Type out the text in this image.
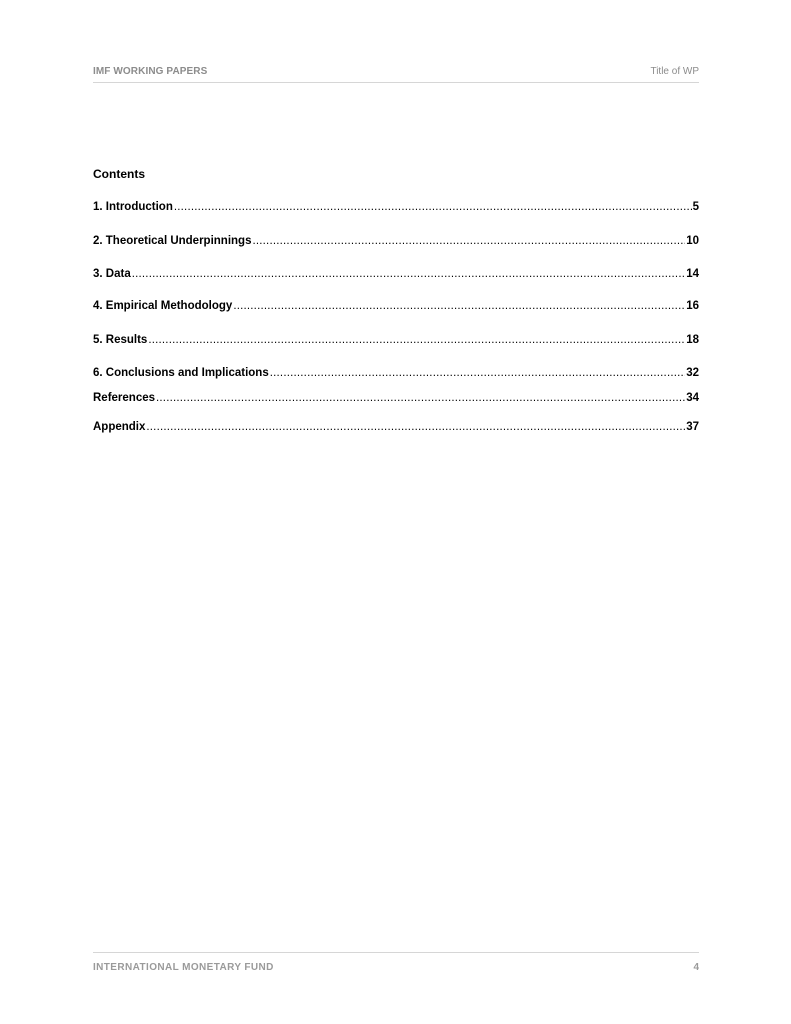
IMF WORKING PAPERS	Title of WP
Contents
1. Introduction .....	5
2. Theoretical Underpinnings .....	10
3. Data .....	14
4. Empirical Methodology .....	16
5. Results .....	18
6. Conclusions and Implications .....	32
References .....	34
Appendix .....	37
INTERNATIONAL MONETARY FUND	4
